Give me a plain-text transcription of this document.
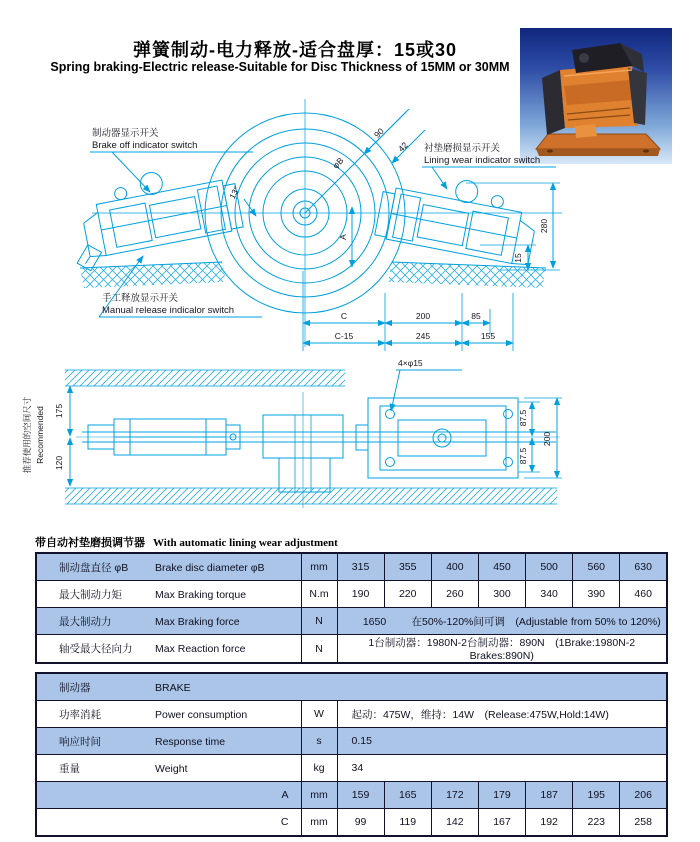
弹簧制动-电力释放-适合盘厚：15或30
Spring braking-Electric release-Suitable for Disc Thickness of 15MM or 30MM
制动器显示开关
Brake off indicator switch	衬垫磨损显示开关
Lining wear indicator switch
手工释放显示开关
Manual release indicalor switch
φB
90
42
13°
A
280
15
C	200	85
C-15	245	155
4×φ15
87.5
87.5
200
175
120
推荐使用的空间尺寸 Recommended
带自动衬垫磨损调节器 With automatic lining wear adjustment
制动盘直径 φB Brake disc diameter φB	mm	315	355	400	450	500	560	630
最大制动力矩 Max Braking torque	N.m	190	220	260	300	340	390	460
最大制动力 Max Braking force	N	1650 在50%-120%间可调　(Adjustable from 50% to 120%)						
轴受最大径向力 Max Reaction force	N	1台制动器：1980N-2台制动器：890N　(1Brake:1980N-2 Brakes:890N)						
制动器 BRAKE								
功率消耗 Power consumption	W	起动：475W，维持：14W　(Release:475W,Hold:14W)						
响应时间 Response time	s	0.15						
重量 Weight	kg	34						
A	mm	159	165	172	179	187	195	206
C	mm	99	119	142	167	192	223	258
